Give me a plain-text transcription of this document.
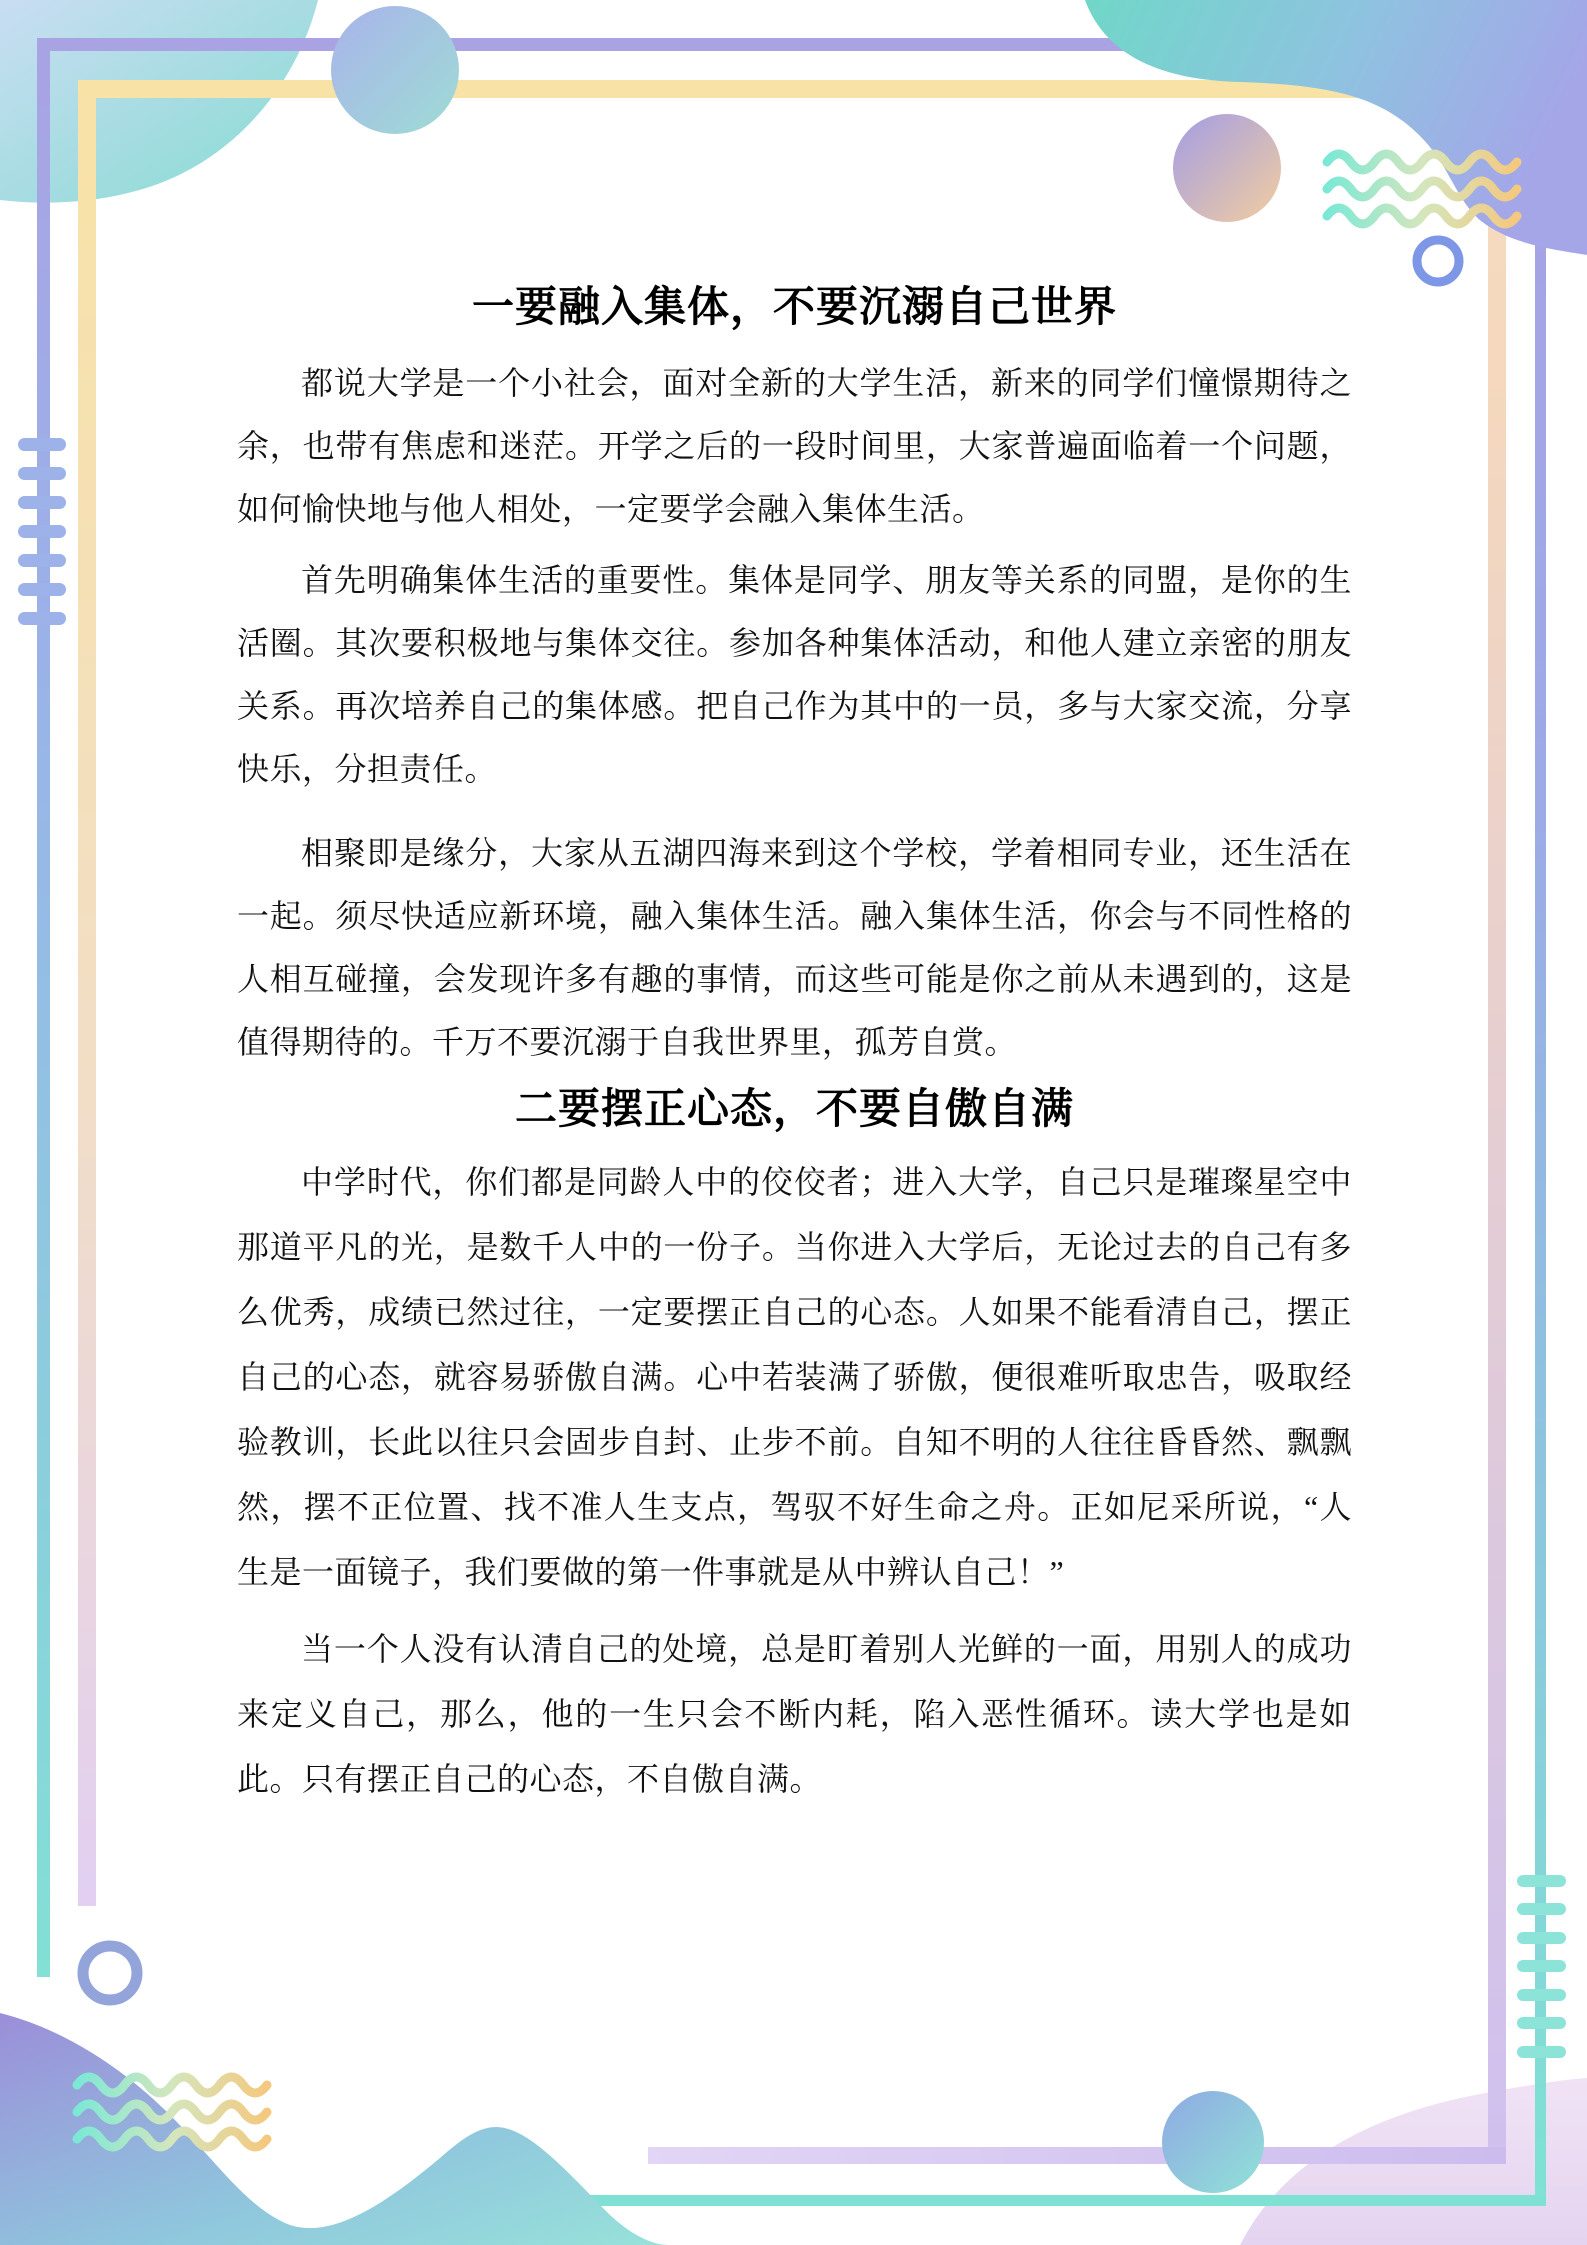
一要融入集体，不要沉溺自己世界

都说大学是一个小社会，面对全新的大学生活，新来的同学们憧憬期待之余，也带有焦虑和迷茫。开学之后的一段时间里，大家普遍面临着一个问题，如何愉快地与他人相处，一定要学会融入集体生活。

首先明确集体生活的重要性。集体是同学、朋友等关系的同盟，是你的生活圈。其次要积极地与集体交往。参加各种集体活动，和他人建立亲密的朋友关系。再次培养自己的集体感。把自己作为其中的一员，多与大家交流，分享快乐，分担责任。

相聚即是缘分，大家从五湖四海来到这个学校，学着相同专业，还生活在一起。须尽快适应新环境，融入集体生活。融入集体生活，你会与不同性格的人相互碰撞，会发现许多有趣的事情，而这些可能是你之前从未遇到的，这是值得期待的。千万不要沉溺于自我世界里，孤芳自赏。

二要摆正心态，不要自傲自满

中学时代，你们都是同龄人中的佼佼者；进入大学，自己只是璀璨星空中那道平凡的光，是数千人中的一份子。当你进入大学后，无论过去的自己有多么优秀，成绩已然过往，一定要摆正自己的心态。人如果不能看清自己，摆正自己的心态，就容易骄傲自满。心中若装满了骄傲，便很难听取忠告，吸取经验教训，长此以往只会固步自封、止步不前。自知不明的人往往昏昏然、飘飘然，摆不正位置、找不准人生支点，驾驭不好生命之舟。正如尼采所说，“人生是一面镜子，我们要做的第一件事就是从中辨认自己！”

当一个人没有认清自己的处境，总是盯着别人光鲜的一面，用别人的成功来定义自己，那么，他的一生只会不断内耗，陷入恶性循环。读大学也是如此。只有摆正自己的心态，不自傲自满。
